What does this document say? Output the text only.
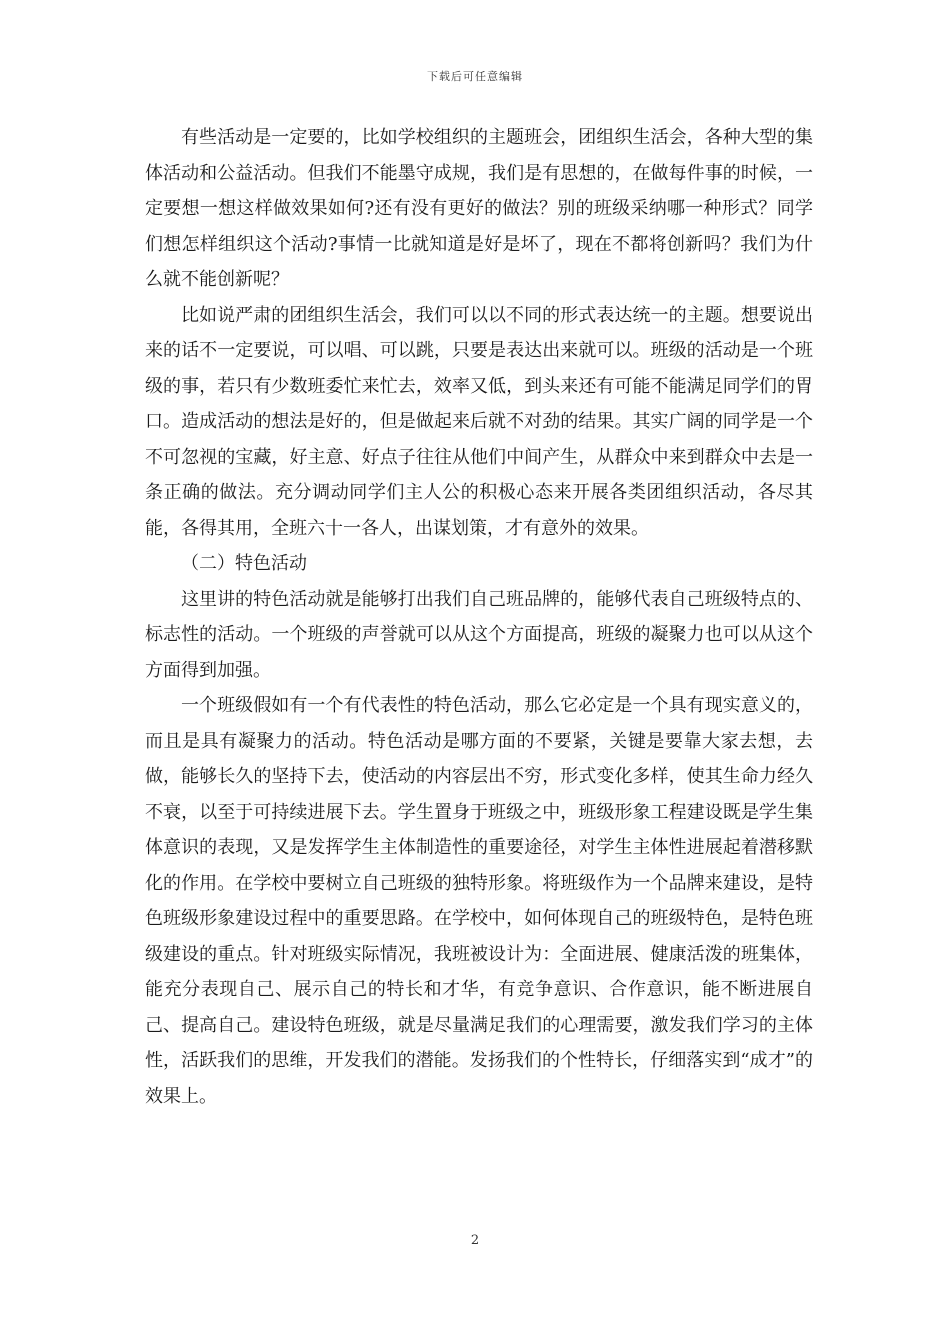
下载后可任意编辑

有些活动是一定要的，比如学校组织的主题班会，团组织生活会，各种大型的集体活动和公益活动。但我们不能墨守成规，我们是有思想的，在做每件事的时候，一定要想一想这样做效果如何?还有没有更好的做法？别的班级采纳哪一种形式？同学们想怎样组织这个活动?事情一比就知道是好是坏了，现在不都将创新吗？我们为什么就不能创新呢？

比如说严肃的团组织生活会，我们可以以不同的形式表达统一的主题。想要说出来的话不一定要说，可以唱、可以跳，只要是表达出来就可以。班级的活动是一个班级的事，若只有少数班委忙来忙去，效率又低，到头来还有可能不能满足同学们的胃口。造成活动的想法是好的，但是做起来后就不对劲的结果。其实广阔的同学是一个不可忽视的宝藏，好主意、好点子往往从他们中间产生，从群众中来到群众中去是一条正确的做法。充分调动同学们主人公的积极心态来开展各类团组织活动，各尽其能，各得其用，全班六十一各人，出谋划策，才有意外的效果。

（二）特色活动

这里讲的特色活动就是能够打出我们自己班品牌的，能够代表自己班级特点的、标志性的活动。一个班级的声誉就可以从这个方面提高，班级的凝聚力也可以从这个方面得到加强。

一个班级假如有一个有代表性的特色活动，那么它必定是一个具有现实意义的，而且是具有凝聚力的活动。特色活动是哪方面的不要紧，关键是要靠大家去想，去做，能够长久的坚持下去，使活动的内容层出不穷，形式变化多样，使其生命力经久不衰，以至于可持续进展下去。学生置身于班级之中，班级形象工程建设既是学生集体意识的表现，又是发挥学生主体制造性的重要途径，对学生主体性进展起着潜移默化的作用。在学校中要树立自己班级的独特形象。将班级作为一个品牌来建设，是特色班级形象建设过程中的重要思路。在学校中，如何体现自己的班级特色，是特色班级建设的重点。针对班级实际情况，我班被设计为：全面进展、健康活泼的班集体，能充分表现自己、展示自己的特长和才华，有竞争意识、合作意识，能不断进展自己、提高自己。建设特色班级，就是尽量满足我们的心理需要，激发我们学习的主体性，活跃我们的思维，开发我们的潜能。发扬我们的个性特长，仔细落实到“成才”的效果上。

2
